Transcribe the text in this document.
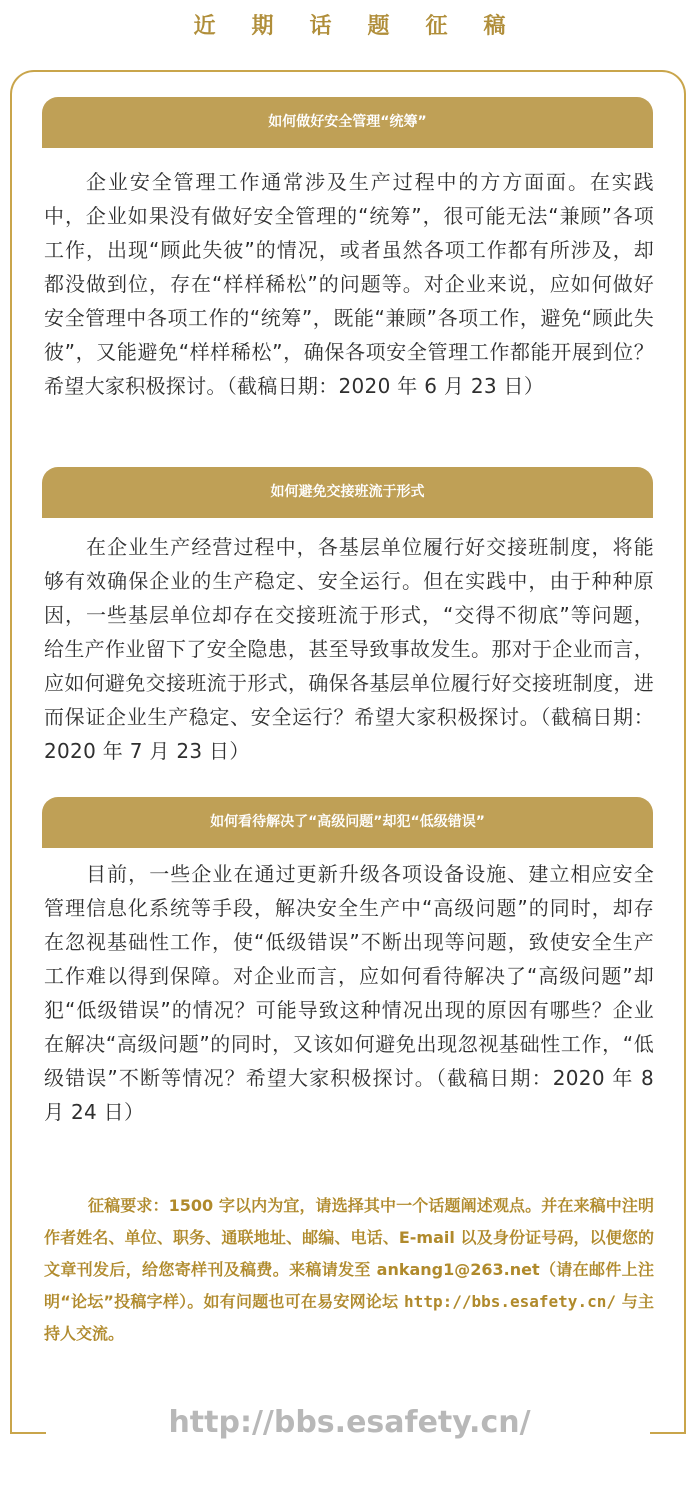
近期话题征稿
如何做好安全管理“统筹”

企业安全管理工作通常涉及生产过程中的方方面面。在实践中，企业如果没有做好安全管理的“统筹”，很可能无法“兼顾”各项工作，出现“顾此失彼”的情况，或者虽然各项工作都有所涉及，却都没做到位，存在“样样稀松”的问题等。对企业来说，应如何做好安全管理中各项工作的“统筹”，既能“兼顾”各项工作，避免“顾此失彼”，又能避免“样样稀松”，确保各项安全管理工作都能开展到位？希望大家积极探讨。（截稿日期：2020 年 6 月 23 日）

如何避免交接班流于形式

在企业生产经营过程中，各基层单位履行好交接班制度，将能够有效确保企业的生产稳定、安全运行。但在实践中，由于种种原因，一些基层单位却存在交接班流于形式，“交得不彻底”等问题，给生产作业留下了安全隐患，甚至导致事故发生。那对于企业而言，应如何避免交接班流于形式，确保各基层单位履行好交接班制度，进而保证企业生产稳定、安全运行？希望大家积极探讨。（截稿日期：2020 年 7 月 23 日）

如何看待解决了“高级问题”却犯“低级错误”

目前，一些企业在通过更新升级各项设备设施、建立相应安全管理信息化系统等手段，解决安全生产中“高级问题”的同时，却存在忽视基础性工作，使“低级错误”不断出现等问题，致使安全生产工作难以得到保障。对企业而言，应如何看待解决了“高级问题”却犯“低级错误”的情况？可能导致这种情况出现的原因有哪些？企业在解决“高级问题”的同时，又该如何避免出现忽视基础性工作，“低级错误”不断等情况？希望大家积极探讨。（截稿日期：2020 年 8 月 24 日）

征稿要求：1500 字以内为宜，请选择其中一个话题阐述观点。并在来稿中注明作者姓名、单位、职务、通联地址、邮编、电话、E-mail 以及身份证号码，以便您的文章刊发后，给您寄样刊及稿费。来稿请发至 ankang1@263.net（请在邮件上注明“论坛”投稿字样）。如有问题也可在易安网论坛 http://bbs.esafety.cn/ 与主持人交流。

http://bbs.esafety.cn/
